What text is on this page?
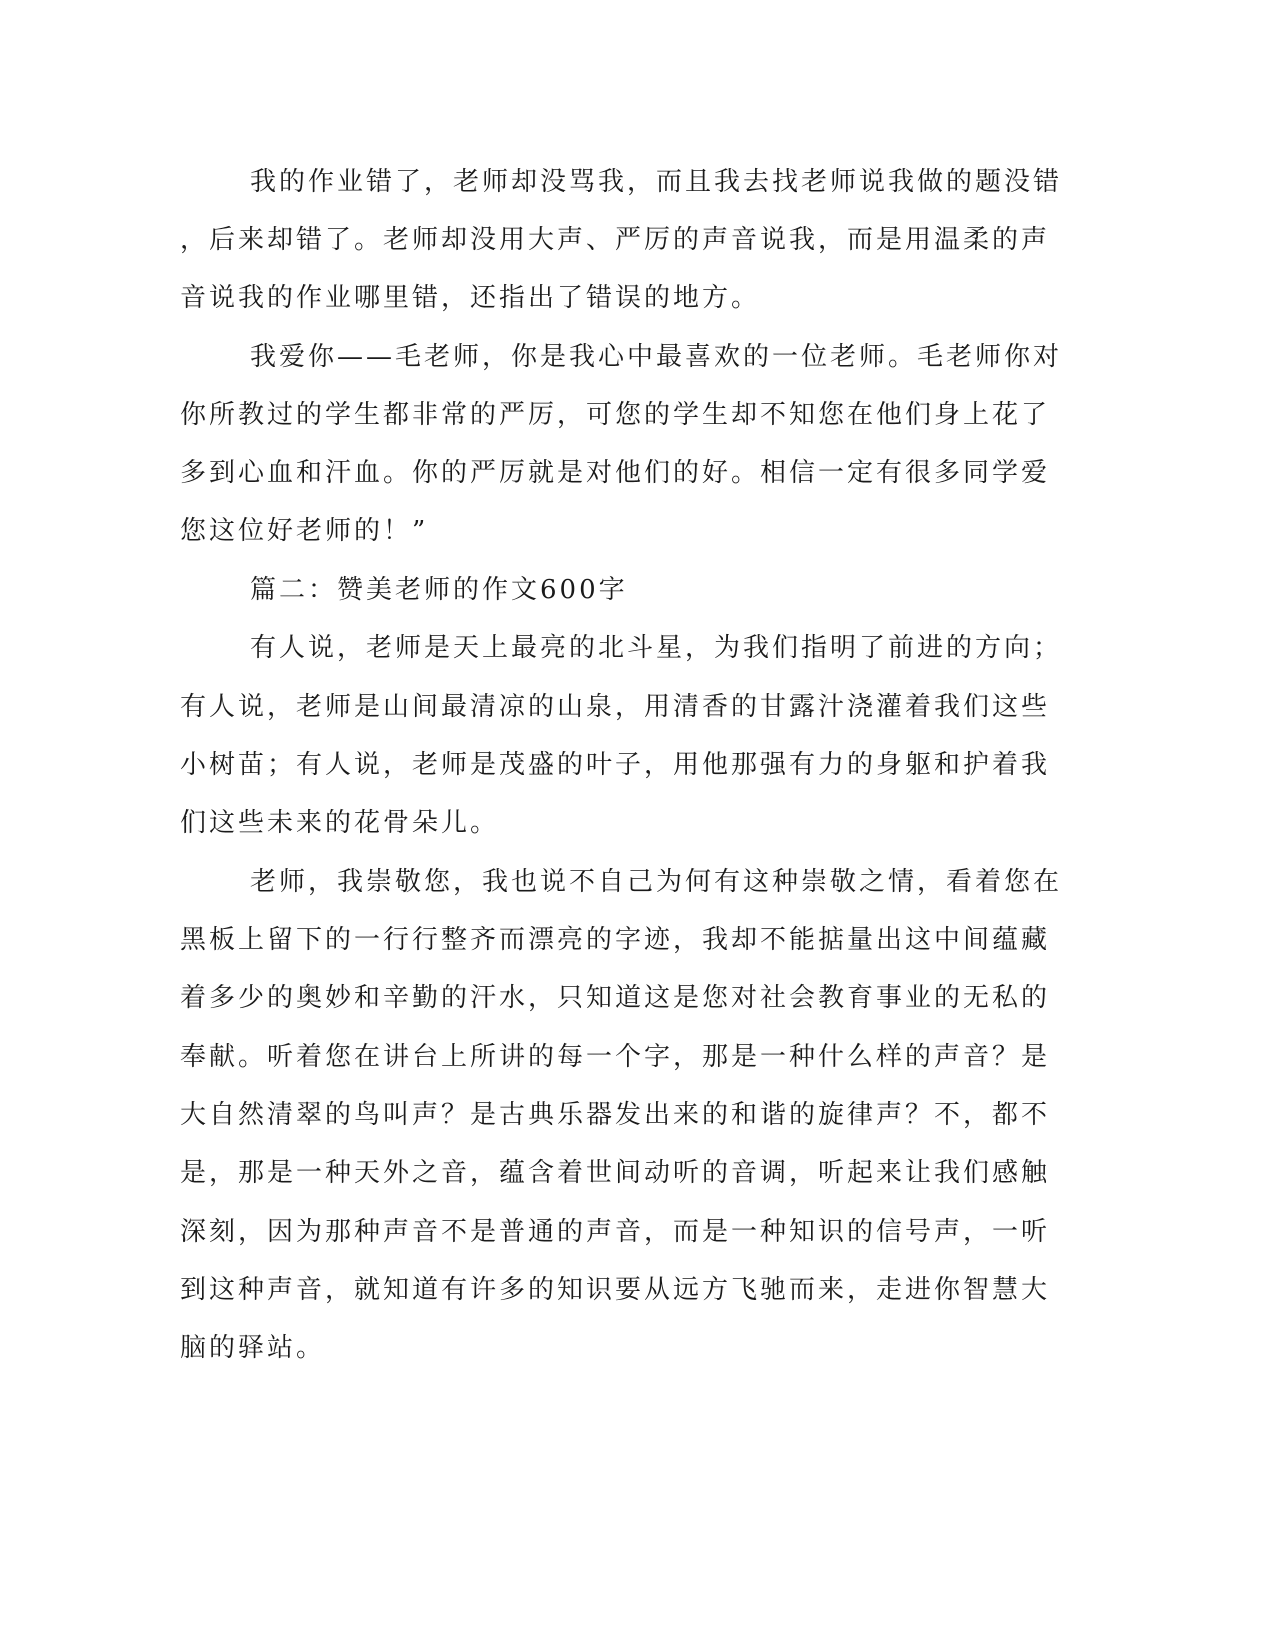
我的作业错了，老师却没骂我，而且我去找老师说我做的题没错

，后来却错了。老师却没用大声、严厉的声音说我，而是用温柔的声

音说我的作业哪里错，还指出了错误的地方。

我爱你——毛老师，你是我心中最喜欢的一位老师。毛老师你对

你所教过的学生都非常的严厉，可您的学生却不知您在他们身上花了

多到心血和汗血。你的严厉就是对他们的好。相信一定有很多同学爱

您这位好老师的！”

篇二：赞美老师的作文600字

有人说，老师是天上最亮的北斗星，为我们指明了前进的方向；

有人说，老师是山间最清凉的山泉，用清香的甘露汁浇灌着我们这些

小树苗；有人说，老师是茂盛的叶子，用他那强有力的身躯和护着我

们这些未来的花骨朵儿。

老师，我崇敬您，我也说不自己为何有这种崇敬之情，看着您在

黑板上留下的一行行整齐而漂亮的字迹，我却不能掂量出这中间蕴藏

着多少的奥妙和辛勤的汗水，只知道这是您对社会教育事业的无私的

奉献。听着您在讲台上所讲的每一个字，那是一种什么样的声音？是

大自然清翠的鸟叫声？是古典乐器发出来的和谐的旋律声？不，都不

是，那是一种天外之音，蕴含着世间动听的音调，听起来让我们感触

深刻，因为那种声音不是普通的声音，而是一种知识的信号声，一听

到这种声音，就知道有许多的知识要从远方飞驰而来，走进你智慧大

脑的驿站。
